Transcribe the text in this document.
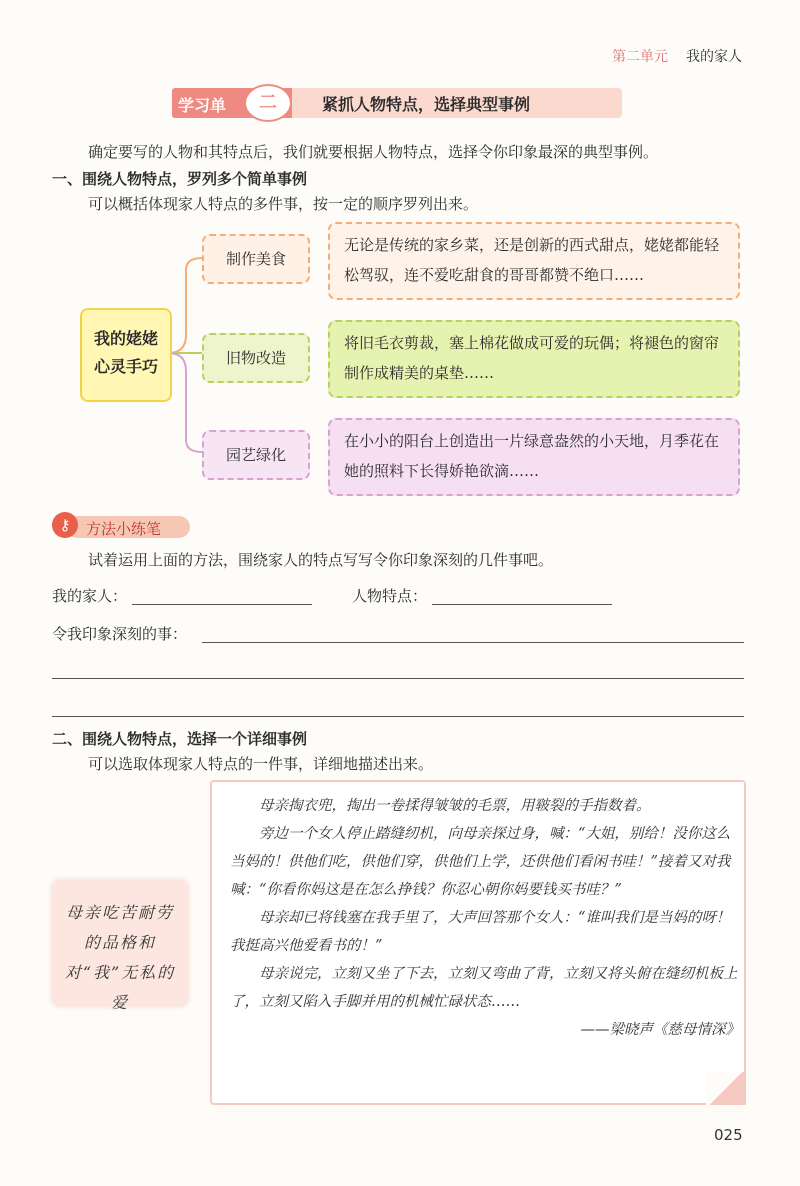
第二单元 我的家人
学习单	紧抓人物特点，选择典型事例
二
确定要写的人物和其特点后，我们就要根据人物特点，选择令你印象最深的典型事例。
一、围绕人物特点，罗列多个简单事例
可以概括体现家人特点的多件事，按一定的顺序罗列出来。
我的姥姥
心灵手巧
制作美食
旧物改造
园艺绿化
无论是传统的家乡菜，还是创新的西式甜点，姥姥都能轻松驾驭，连不爱吃甜食的哥哥都赞不绝口……
将旧毛衣剪裁，塞上棉花做成可爱的玩偶；将褪色的窗帘制作成精美的桌垫……
在小小的阳台上创造出一片绿意盎然的小天地，月季花在她的照料下长得娇艳欲滴……
⚷	方法小练笔
试着运用上面的方法，围绕家人的特点写写令你印象深刻的几件事吧。
我的家人：	人物特点：
令我印象深刻的事：
二、围绕人物特点，选择一个详细事例
可以选取体现家人特点的一件事，详细地描述出来。
母亲吃苦耐劳的品格和对“我”无私的爱

母亲掏衣兜，掏出一卷揉得皱皱的毛票，用皲裂的手指数着。

旁边一个女人停止踏缝纫机，向母亲探过身，喊：“大姐，别给！没你这么当妈的！供他们吃，供他们穿，供他们上学，还供他们看闲书哇！”接着又对我喊：“你看你妈这是在怎么挣钱？你忍心朝你妈要钱买书哇？”

母亲却已将钱塞在我手里了，大声回答那个女人：“谁叫我们是当妈的呀！我挺高兴他爱看书的！”

母亲说完，立刻又坐了下去，立刻又弯曲了背，立刻又将头俯在缝纫机板上了，立刻又陷入手脚并用的机械忙碌状态……

——梁晓声《慈母情深》

025
